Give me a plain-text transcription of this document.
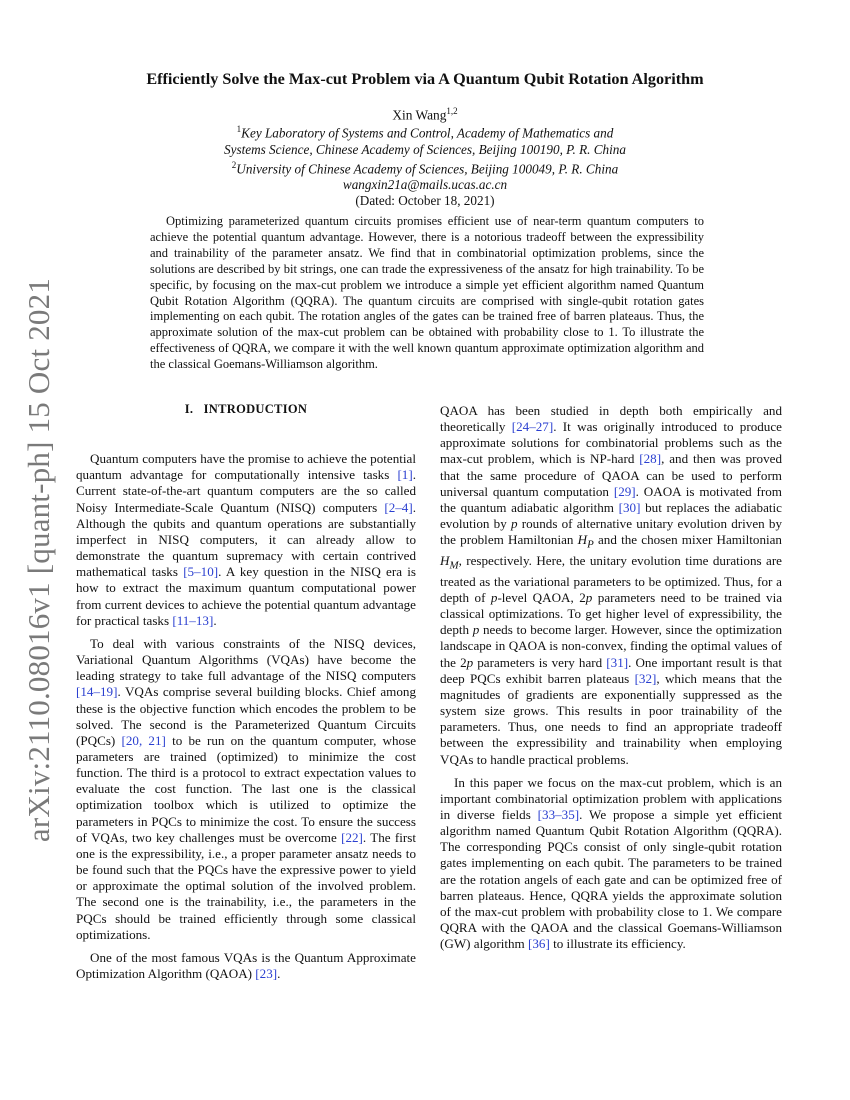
arXiv:2110.08016v1 [quant-ph] 15 Oct 2021
Efficiently Solve the Max-cut Problem via A Quantum Qubit Rotation Algorithm
Xin Wang$^{1,2}$
$^1$Key Laboratory of Systems and Control, Academy of Mathematics and
Systems Science, Chinese Academy of Sciences, Beijing 100190, P. R. China
$^2$University of Chinese Academy of Sciences, Beijing 100049, P. R. China
wangxin21a@mails.ucas.ac.cn
(Dated: October 18, 2021)

Optimizing parameterized quantum circuits promises efficient use of near-term quantum computers to achieve the potential quantum advantage. However, there is a notorious tradeoff between the expressibility and trainability of the parameter ansatz. We find that in combinatorial optimization problems, since the solutions are described by bit strings, one can trade the expressiveness of the ansatz for high trainability. To be specific, by focusing on the max-cut problem we introduce a simple yet efficient algorithm named Quantum Qubit Rotation Algorithm (QQRA). The quantum circuits are comprised with single-qubit rotation gates implementing on each qubit. The rotation angles of the gates can be trained free of barren plateaus. Thus, the approximate solution of the max-cut problem can be obtained with probability close to 1. To illustrate the effectiveness of QQRA, we compare it with the well known quantum approximate optimization algorithm and the classical Goemans-Williamson algorithm.

I. INTRODUCTION

Quantum computers have the promise to achieve the potential quantum advantage for computationally intensive tasks [1]. Current state-of-the-art quantum computers are the so called Noisy Intermediate-Scale Quantum (NISQ) computers [2–4]. Although the qubits and quantum operations are substantially imperfect in NISQ computers, it can already allow to demonstrate the quantum supremacy with certain contrived mathematical tasks [5–10]. A key question in the NISQ era is how to extract the maximum quantum computational power from current devices to achieve the potential quantum advantage for practical tasks [11–13].

To deal with various constraints of the NISQ devices, Variational Quantum Algorithms (VQAs) have become the leading strategy to take full advantage of the NISQ computers [14–19]. VQAs comprise several building blocks. Chief among these is the objective function which encodes the problem to be solved. The second is the Parameterized Quantum Circuits (PQCs) [20, 21] to be run on the quantum computer, whose parameters are trained (optimized) to minimize the cost function. The third is a protocol to extract expectation values to evaluate the cost function. The last one is the classical optimization toolbox which is utilized to optimize the parameters in PQCs to minimize the cost. To ensure the success of VQAs, two key challenges must be overcome [22]. The first one is the expressibility, i.e., a proper parameter ansatz needs to be found such that the PQCs have the expressive power to yield or approximate the optimal solution of the involved problem. The second one is the trainability, i.e., the parameters in the PQCs should be trained efficiently through some classical optimizations.

One of the most famous VQAs is the Quantum Approximate Optimization Algorithm (QAOA) [23].

QAOA has been studied in depth both empirically and theoretically [24–27]. It was originally introduced to produce approximate solutions for combinatorial problems such as the max-cut problem, which is NP-hard [28], and then was proved that the same procedure of QAOA can be used to perform universal quantum computation [29]. OAOA is motivated from the quantum adiabatic algorithm [30] but replaces the adiabatic evolution by p rounds of alternative unitary evolution driven by the problem Hamiltonian $H_P$ and the chosen mixer Hamiltonian $H_M$, respectively. Here, the unitary evolution time durations are treated as the variational parameters to be optimized. Thus, for a depth of p-level QAOA, 2p parameters need to be trained via classical optimizations. To get higher level of expressibility, the depth p needs to become larger. However, since the optimization landscape in QAOA is non-convex, finding the optimal values of the 2p parameters is very hard [31]. One important result is that deep PQCs exhibit barren plateaus [32], which means that the magnitudes of gradients are exponentially suppressed as the system size grows. This results in poor trainability of the parameters. Thus, one needs to find an appropriate tradeoff between the expressibility and trainability when employing VQAs to handle practical problems.

In this paper we focus on the max-cut problem, which is an important combinatorial optimization problem with applications in diverse fields [33–35]. We propose a simple yet efficient algorithm named Quantum Qubit Rotation Algorithm (QQRA). The corresponding PQCs consist of only single-qubit rotation gates implementing on each qubit. The parameters to be trained are the rotation angels of each gate and can be optimized free of barren plateaus. Hence, QQRA yields the approximate solution of the max-cut problem with probability close to 1. We compare QQRA with the QAOA and the classical Goemans-Williamson (GW) algorithm [36] to illustrate its efficiency.
